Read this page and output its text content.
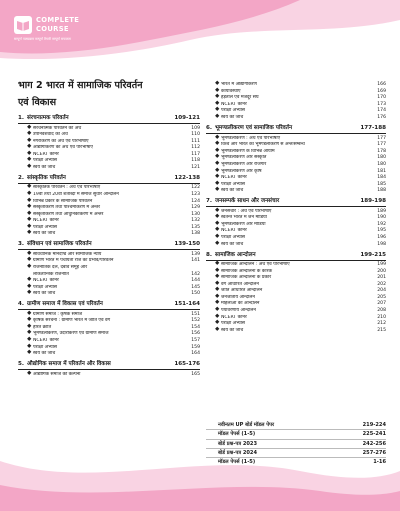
COMPLETE
COURSE
सम्पूर्ण पाठ्यक्रम सम्पूर्ण तैयारी सम्पूर्ण सफलता
भाग 2 भारत में सामाजिक परिवर्तन
एवं विकास
1. संरचनात्मक परिवर्तन	109-121
संरचनात्मक परिवर्तन का अर्थ	109
उपनिवेशवाद का अर्थ	110
नगरीकरण का अर्थ एवं परिभाषाएँ	111
औद्योगीकरण का अर्थ एवं परिभाषाएँ	112
NCERT कोनर	117
परीक्षा अभ्यास	118
स्वयं को जाँचें	121
2. सांस्कृतिक परिवर्तन	122-138
सांस्कृतिक परिवर्तन : अर्थ एवं परिभाषाएँ	122
19वीं तथा 20वीं शताब्दी में समाज सुधार आन्दोलन	123
विभिन्न प्रकार के सामाजिक परिवर्तन	124
संस्कृतीकरण तथा पश्चिमीकरण में अन्तर	129
संस्कृतीकरण तथा आधुनिकीकरण में अन्तर	130
NCERT कोनर	132
परीक्षा अभ्यास	135
स्वयं को जाँचें	138
3. संविधान एवं सामाजिक परिवर्तन	139-150
संविधानिक मानदण्ड और सामाजिक न्याय	139
ग्रामीण भारत में पंचायती राज का प्रभाव/परिवर्तन	141
राजनीतिक दल, दबाव समूह और
लोकतान्त्रिक राजनीति	142
NCERT कोनर	144
परीक्षा अभ्यास	145
स्वयं को जाँचें	150
4. ग्रामीण समाज में विकास एवं परिवर्तन	151-164
ग्रामीण समाज : कृषक समाज	151
कृषिक संरचना : ग्रामीण भारत में जाति एवं वर्ग	152
हरित क्रांति	154
भूमण्डलीकरण, उदारीकरण एवं ग्रामीण समाज	156
NCERT कोनर	157
परीक्षा अभ्यास	159
स्वयं को जाँचें	164
5. औद्योगिक समाज में परिवर्तन और विकास	165-176
औद्योगिक समाज की कल्पना	165
भारत में औद्योगीकरण	166
कार्यावस्थाएँ	169
हड़तालें एवं मजदूर संघ	170
NCERT कोनर	173
परीक्षा अभ्यास	174
स्वयं को जाँचें	176
6. भूमण्डलीकरण एवं सामाजिक परिवर्तन	177-188
भूमण्डलीकरण : अर्थ एवं परिभाषाएँ	177
विश्व और भारत का भूमण्डलीकरण से अन्तःसम्बन्ध	177
भूमण्डलीकरण के विभिन्न आयाम	178
भूमण्डलीकरण और संस्कृति	180
भूमण्डलीकरण और रोजगार	180
भूमण्डलीकरण और कृषि	181
NCERT कोनर	184
परीक्षा अभ्यास	185
स्वयं को जाँचें	188
7. जनसम्पर्क साधन और जनसंचार	189-198
जनसंचार : अर्थ एवं परिभाषाएँ	189
स्वतन्त्र भारत में जन मीडिया	190
भूमण्डलीकरण और मीडिया	192
NCERT कोनर	195
परीक्षा अभ्यास	196
स्वयं को जाँचें	198
8. सामाजिक आन्दोलन	199-215
सामाजिक आन्दोलन : अर्थ एवं परिभाषाएँ	199
सामाजिक आन्दोलनों के कारक	200
सामाजिक आन्दोलनों के प्रकार	201
वर्ग आधारित आन्दोलन	202
जाति आधारित आन्दोलन	204
जनजातीय आन्दोलन	205
महिलाओं का आन्दोलन	207
पर्यावरणीय आन्दोलन	208
NCERT कोनर	210
परीक्षा अभ्यास	212
स्वयं को जाँचें	215
नवीनतम UP बोर्ड मॉडल पेपर	219-224
मॉडल पेपर्स (1-5)	225-241
बोर्ड प्रश्न-पत्र 2023	242-256
बोर्ड प्रश्न-पत्र 2024	257-276
मॉडल पेपर्स (1-5)	1-16
